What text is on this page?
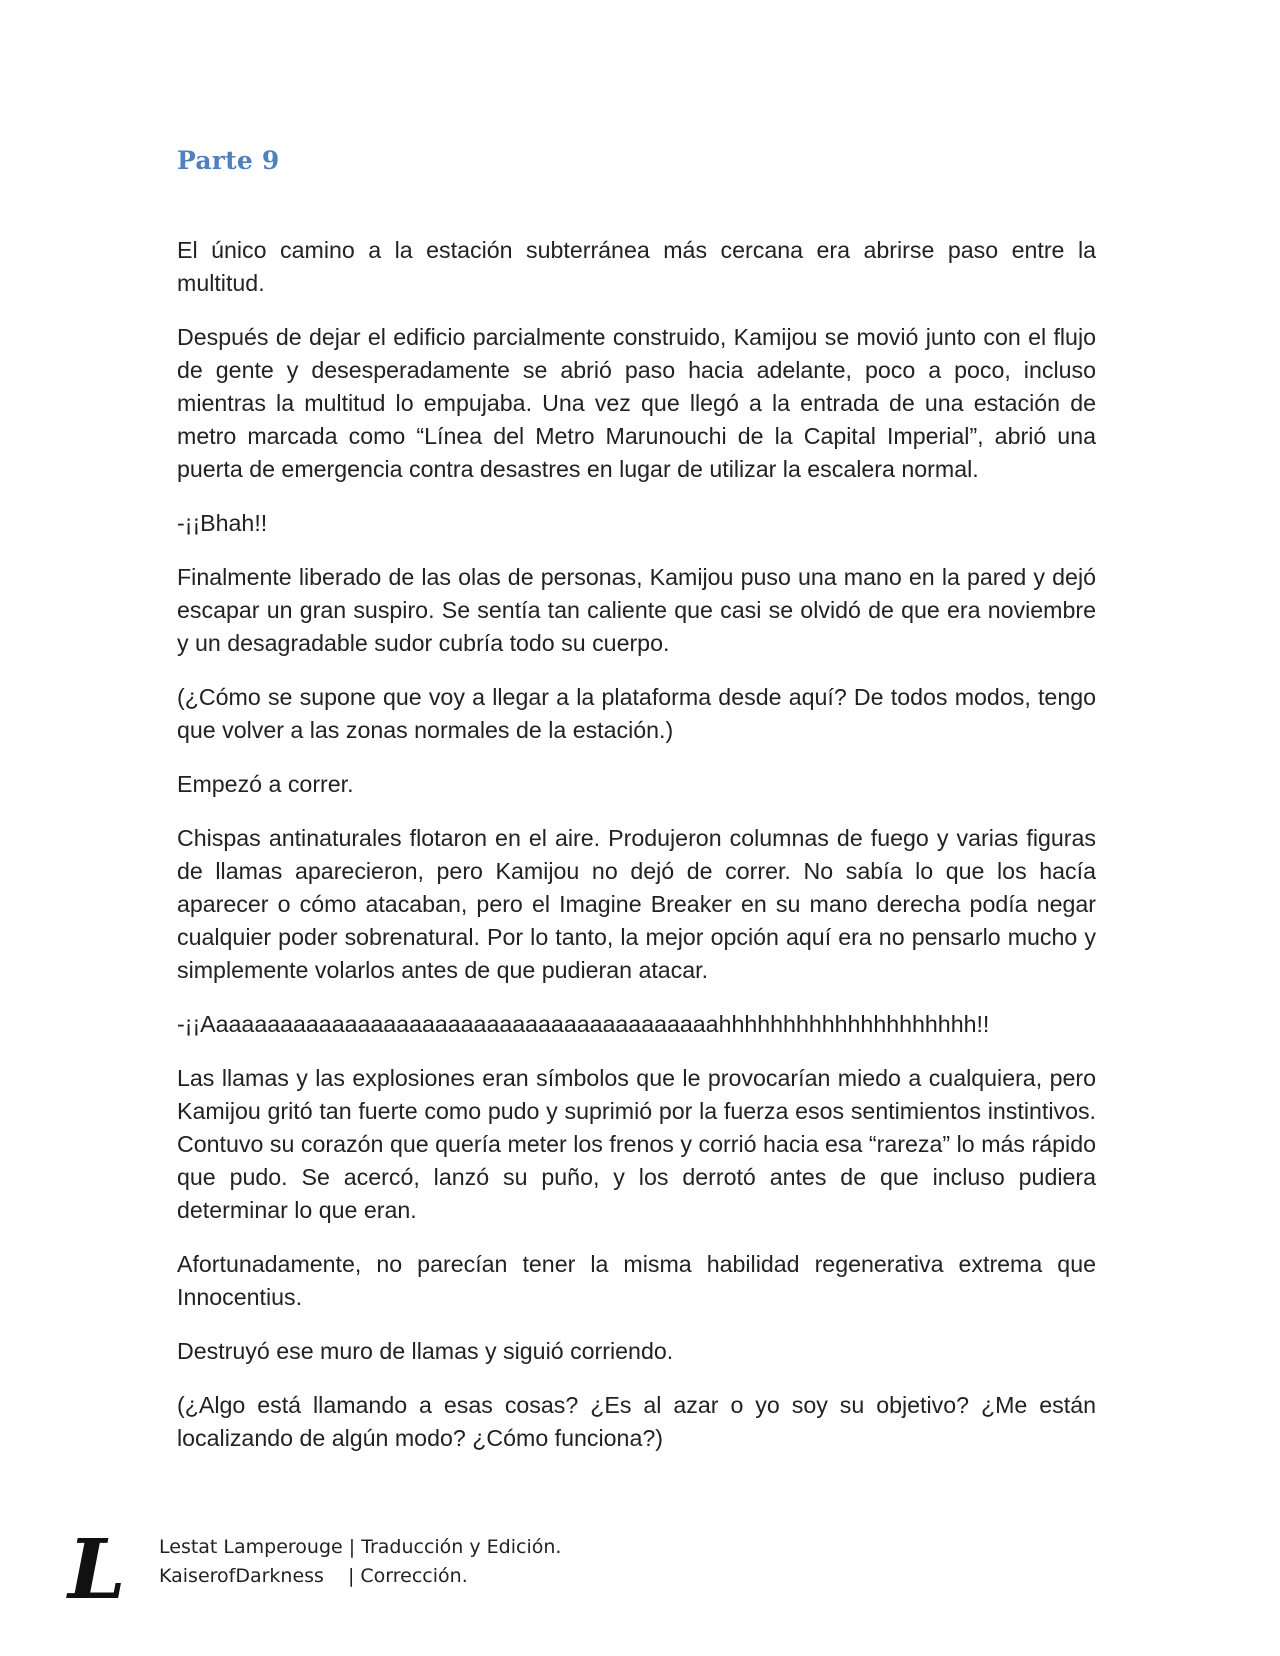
Parte 9

El único camino a la estación subterránea más cercana era abrirse paso entre la multitud.

Después de dejar el edificio parcialmente construido, Kamijou se movió junto con el flujo de gente y desesperadamente se abrió paso hacia adelante, poco a poco, incluso mientras la multitud lo empujaba. Una vez que llegó a la entrada de una estación de metro marcada como “Línea del Metro Marunouchi de la Capital Imperial”, abrió una puerta de emergencia contra desastres en lugar de utilizar la escalera normal.

-¡¡Bhah!!

Finalmente liberado de las olas de personas, Kamijou puso una mano en la pared y dejó escapar un gran suspiro. Se sentía tan caliente que casi se olvidó de que era noviembre y un desagradable sudor cubría todo su cuerpo.

(¿Cómo se supone que voy a llegar a la plataforma desde aquí? De todos modos, tengo que volver a las zonas normales de la estación.)

Empezó a correr.

Chispas antinaturales flotaron en el aire. Produjeron columnas de fuego y varias figuras de llamas aparecieron, pero Kamijou no dejó de correr. No sabía lo que los hacía aparecer o cómo atacaban, pero el Imagine Breaker en su mano derecha podía negar cualquier poder sobrenatural. Por lo tanto, la mejor opción aquí era no pensarlo mucho y simplemente volarlos antes de que pudieran atacar.

-¡¡Aaaaaaaaaaaaaaaaaaaaaaaaaaaaaaaaaaaaaaaahhhhhhhhhhhhhhhhhhhh!!

Las llamas y las explosiones eran símbolos que le provocarían miedo a cualquiera, pero Kamijou gritó tan fuerte como pudo y suprimió por la fuerza esos sentimientos instintivos. Contuvo su corazón que quería meter los frenos y corrió hacia esa “rareza” lo más rápido que pudo. Se acercó, lanzó su puño, y los derrotó antes de que incluso pudiera determinar lo que eran.

Afortunadamente, no parecían tener la misma habilidad regenerativa extrema que Innocentius.

Destruyó ese muro de llamas y siguió corriendo.

(¿Algo está llamando a esas cosas? ¿Es al azar o yo soy su objetivo? ¿Me están localizando de algún modo? ¿Cómo funciona?)

L Lestat Lamperouge | Traducción y Edición.
KaiserofDarkness | Corrección.
